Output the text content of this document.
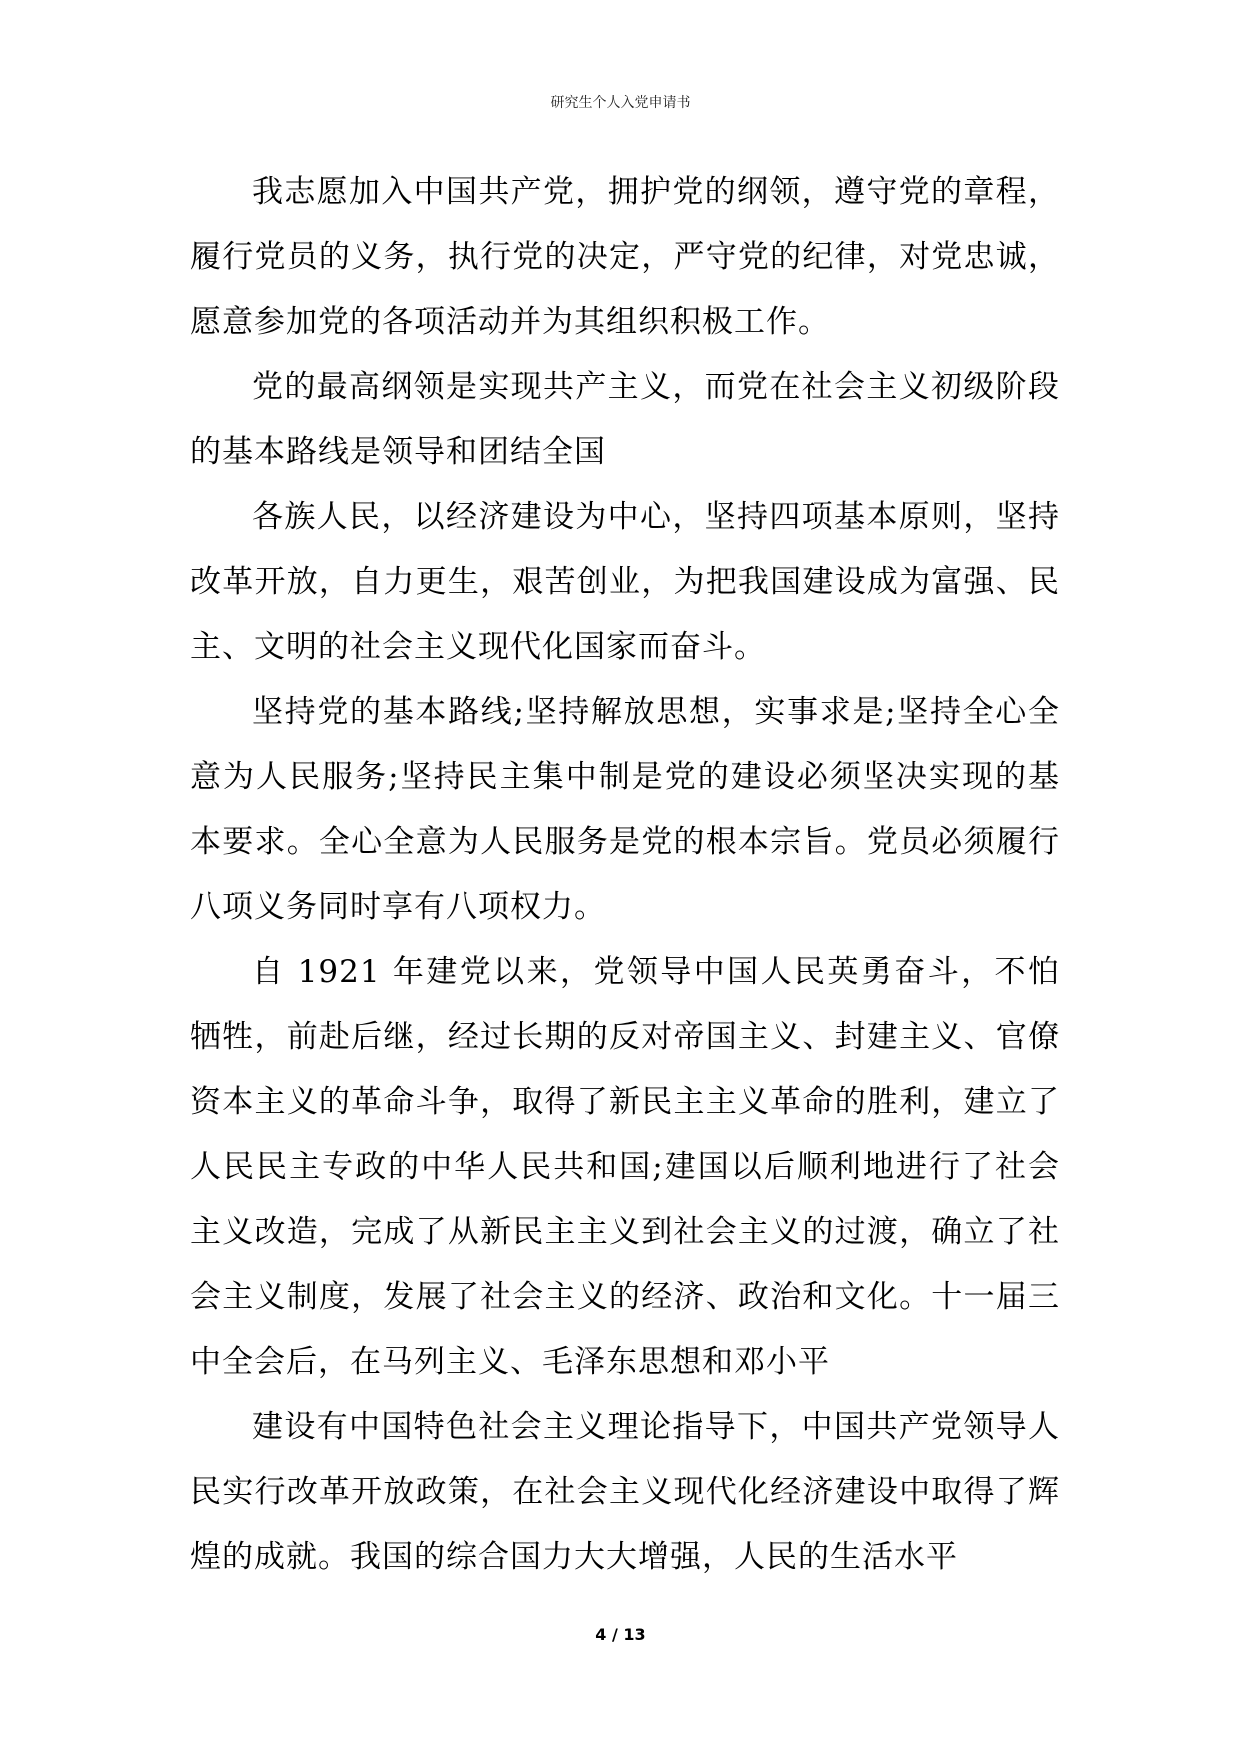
研究生个人入党申请书

我志愿加入中国共产党，拥护党的纲领，遵守党的章程，履行党员的义务，执行党的决定，严守党的纪律，对党忠诚，愿意参加党的各项活动并为其组织积极工作。

党的最高纲领是实现共产主义，而党在社会主义初级阶段的基本路线是领导和团结全国

各族人民，以经济建设为中心，坚持四项基本原则，坚持改革开放，自力更生，艰苦创业，为把我国建设成为富强、民主、文明的社会主义现代化国家而奋斗。

坚持党的基本路线;坚持解放思想，实事求是;坚持全心全意为人民服务;坚持民主集中制是党的建设必须坚决实现的基本要求。全心全意为人民服务是党的根本宗旨。党员必须履行八项义务同时享有八项权力。

自 1921 年建党以来，党领导中国人民英勇奋斗，不怕牺牲，前赴后继，经过长期的反对帝国主义、封建主义、官僚资本主义的革命斗争，取得了新民主主义革命的胜利，建立了人民民主专政的中华人民共和国;建国以后顺利地进行了社会主义改造，完成了从新民主主义到社会主义的过渡，确立了社会主义制度，发展了社会主义的经济、政治和文化。十一届三中全会后，在马列主义、毛泽东思想和邓小平

建设有中国特色社会主义理论指导下，中国共产党领导人民实行改革开放政策，在社会主义现代化经济建设中取得了辉煌的成就。我国的综合国力大大增强，人民的生活水平

4 / 13
